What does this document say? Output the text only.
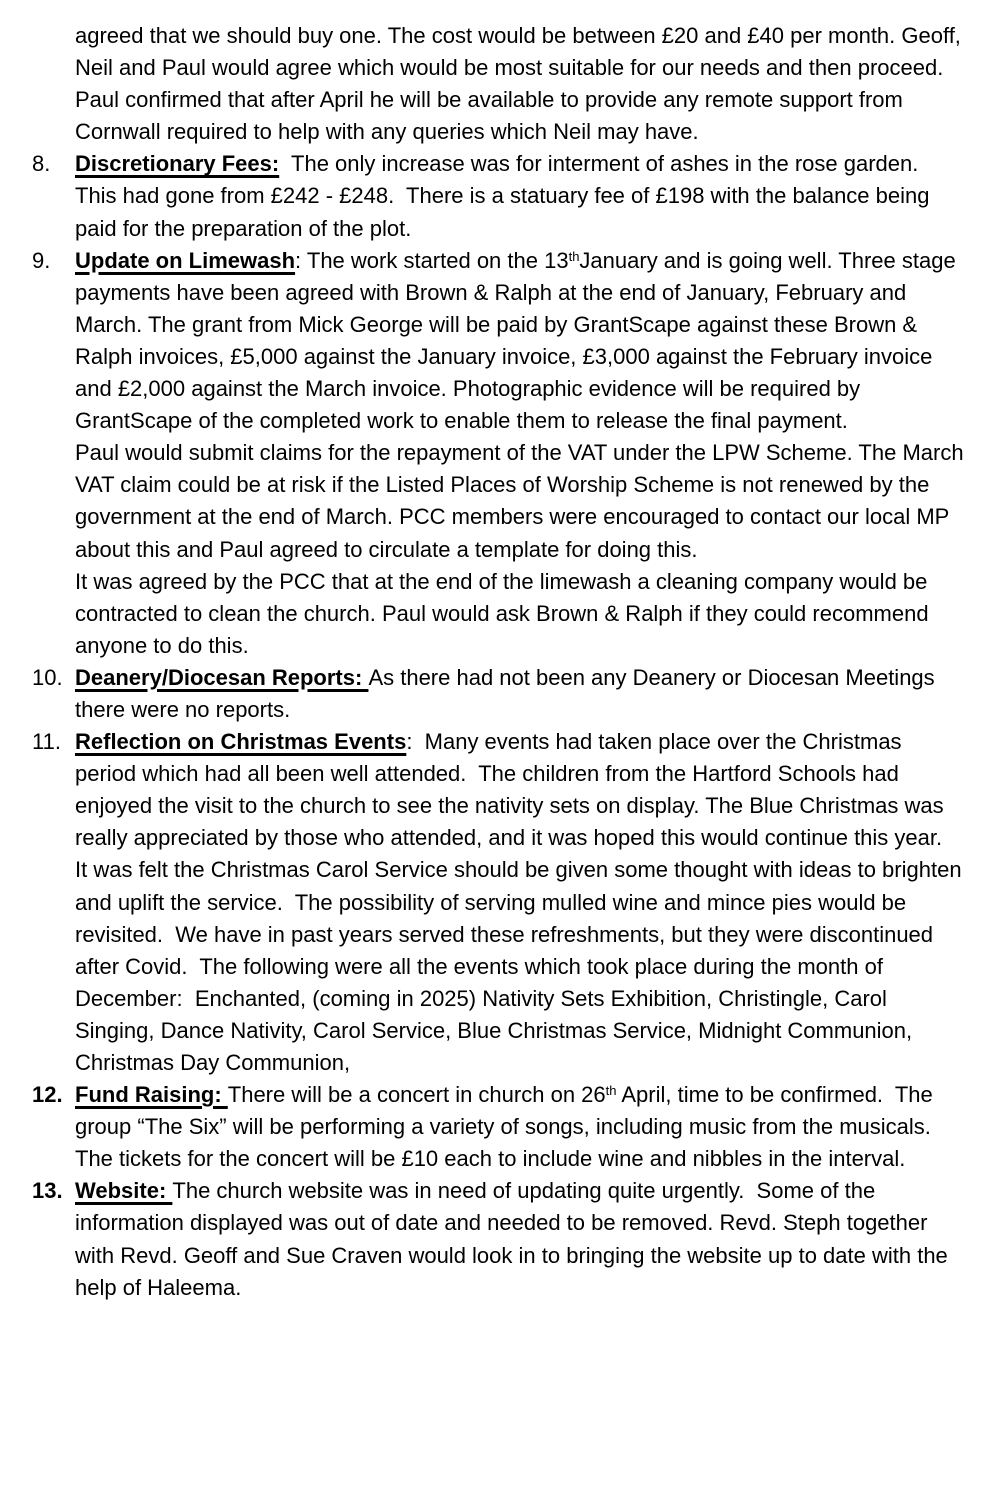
agreed that we should buy one. The cost would be between £20 and £40 per month. Geoff, Neil and Paul would agree which would be most suitable for our needs and then proceed.
Paul confirmed that after April he will be available to provide any remote support from Cornwall required to help with any queries which Neil may have.
8. Discretionary Fees:  The only increase was for interment of ashes in the rose garden.  This had gone from £242 - £248.  There is a statuary fee of £198 with the balance being paid for the preparation of the plot.
9. Update on Limewash: The work started on the 13thJanuary and is going well. Three stage payments have been agreed with Brown & Ralph at the end of January, February and March. The grant from Mick George will be paid by GrantScape against these Brown & Ralph invoices, £5,000 against the January invoice, £3,000 against the February invoice and £2,000 against the March invoice. Photographic evidence will be required by GrantScape of the completed work to enable them to release the final payment.
Paul would submit claims for the repayment of the VAT under the LPW Scheme. The March VAT claim could be at risk if the Listed Places of Worship Scheme is not renewed by the government at the end of March. PCC members were encouraged to contact our local MP about this and Paul agreed to circulate a template for doing this.
It was agreed by the PCC that at the end of the limewash a cleaning company would be contracted to clean the church. Paul would ask Brown & Ralph if they could recommend anyone to do this.
10. Deanery/Diocesan Reports: As there had not been any Deanery or Diocesan Meetings there were no reports.
11. Reflection on Christmas Events:  Many events had taken place over the Christmas period which had all been well attended.  The children from the Hartford Schools had enjoyed the visit to the church to see the nativity sets on display. The Blue Christmas was really appreciated by those who attended, and it was hoped this would continue this year.  It was felt the Christmas Carol Service should be given some thought with ideas to brighten and uplift the service.  The possibility of serving mulled wine and mince pies would be revisited.  We have in past years served these refreshments, but they were discontinued after Covid.  The following were all the events which took place during the month of December:  Enchanted, (coming in 2025) Nativity Sets Exhibition, Christingle, Carol Singing, Dance Nativity, Carol Service, Blue Christmas Service, Midnight Communion, Christmas Day Communion,
12. Fund Raising: There will be a concert in church on 26th April, time to be confirmed.  The group “The Six” will be performing a variety of songs, including music from the musicals.  The tickets for the concert will be £10 each to include wine and nibbles in the interval.
13. Website: The church website was in need of updating quite urgently.  Some of the information displayed was out of date and needed to be removed. Revd. Steph together with Revd. Geoff and Sue Craven would look in to bringing the website up to date with the help of Haleema.
